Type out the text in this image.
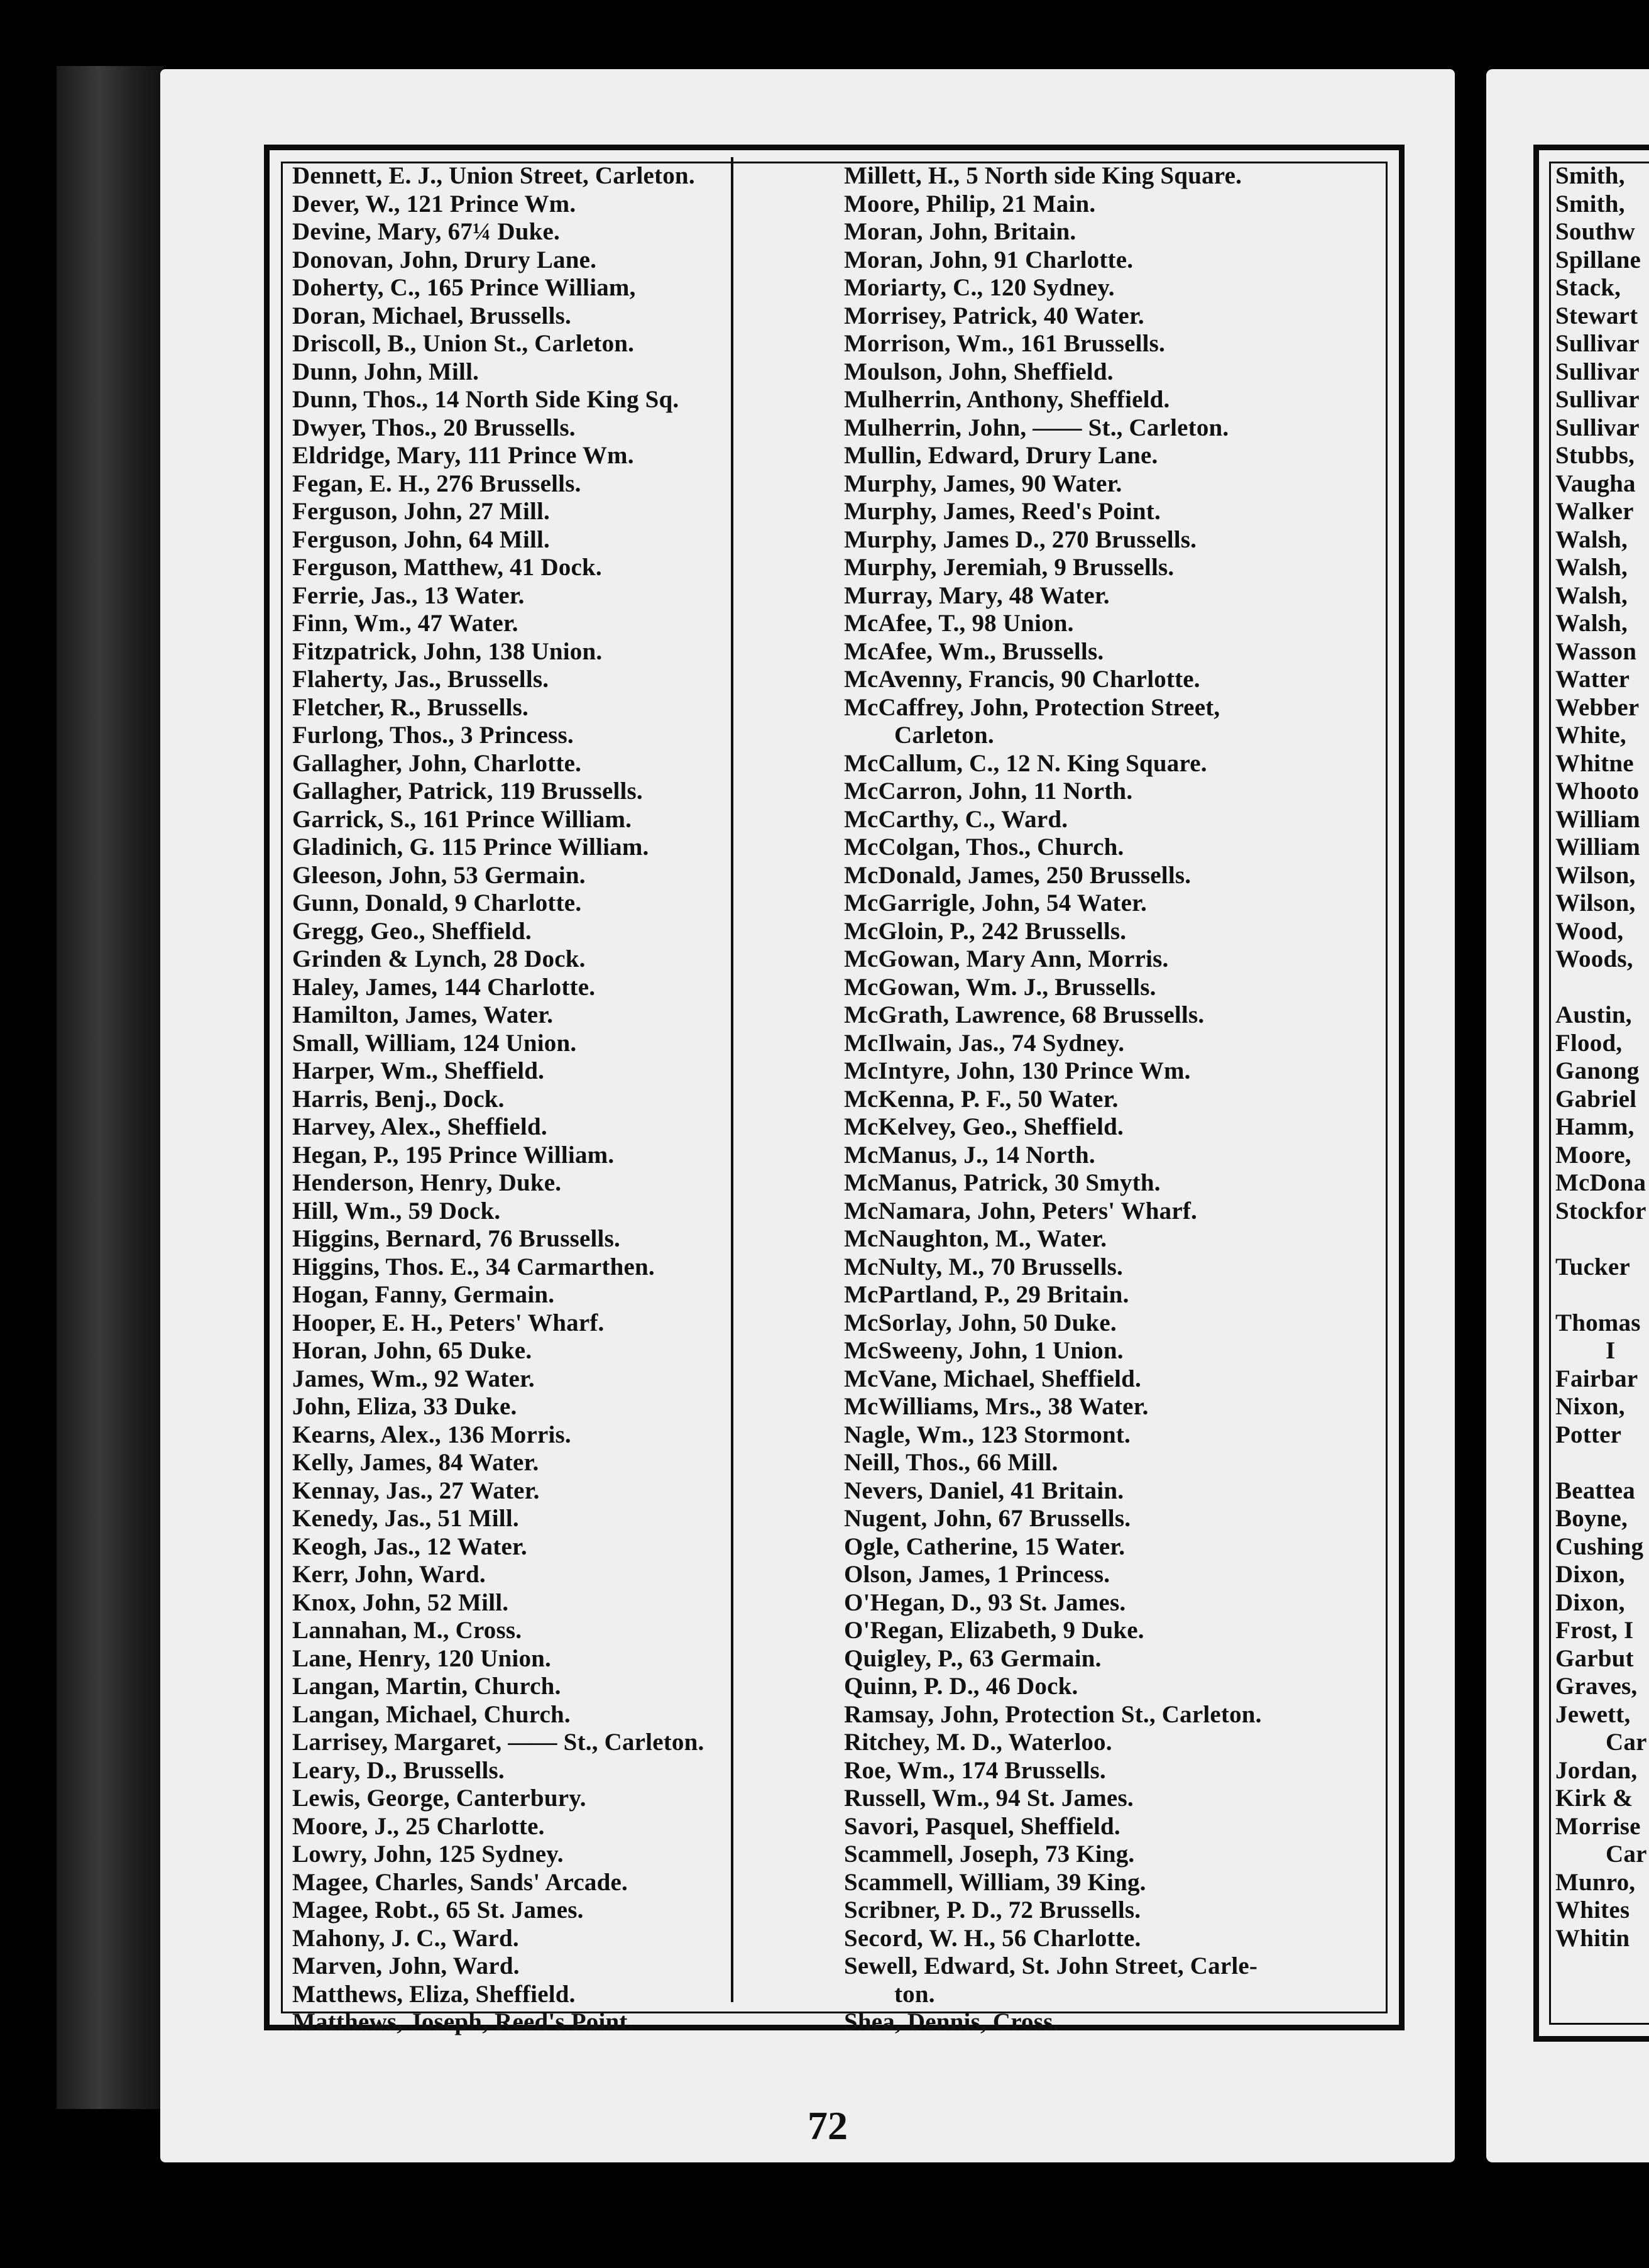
Dennett, E. J., Union Street, Carleton.
Dever, W., 121 Prince Wm.
Devine, Mary, 67¼ Duke.
Donovan, John, Drury Lane.
Doherty, C., 165 Prince William,
Doran, Michael, Brussells.
Driscoll, B., Union St., Carleton.
Dunn, John, Mill.
Dunn, Thos., 14 North Side King Sq.
Dwyer, Thos., 20 Brussells.
Eldridge, Mary, 111 Prince Wm.
Fegan, E. H., 276 Brussells.
Ferguson, John, 27 Mill.
Ferguson, John, 64 Mill.
Ferguson, Matthew, 41 Dock.
Ferrie, Jas., 13 Water.
Finn, Wm., 47 Water.
Fitzpatrick, John, 138 Union.
Flaherty, Jas., Brussells.
Fletcher, R., Brussells.
Furlong, Thos., 3 Princess.
Gallagher, John, Charlotte.
Gallagher, Patrick, 119 Brussells.
Garrick, S., 161 Prince William.
Gladinich, G. 115 Prince William.
Gleeson, John, 53 Germain.
Gunn, Donald, 9 Charlotte.
Gregg, Geo., Sheffield.
Grinden & Lynch, 28 Dock.
Haley, James, 144 Charlotte.
Hamilton, James, Water.
Small, William, 124 Union.
Harper, Wm., Sheffield.
Harris, Benj., Dock.
Harvey, Alex., Sheffield.
Hegan, P., 195 Prince William.
Henderson, Henry, Duke.
Hill, Wm., 59 Dock.
Higgins, Bernard, 76 Brussells.
Higgins, Thos. E., 34 Carmarthen.
Hogan, Fanny, Germain.
Hooper, E. H., Peters' Wharf.
Horan, John, 65 Duke.
James, Wm., 92 Water.
John, Eliza, 33 Duke.
Kearns, Alex., 136 Morris.
Kelly, James, 84 Water.
Kennay, Jas., 27 Water.
Kenedy, Jas., 51 Mill.
Keogh, Jas., 12 Water.
Kerr, John, Ward.
Knox, John, 52 Mill.
Lannahan, M., Cross.
Lane, Henry, 120 Union.
Langan, Martin, Church.
Langan, Michael, Church.
Larrisey, Margaret, —— St., Carleton.
Leary, D., Brussells.
Lewis, George, Canterbury.
Moore, J., 25 Charlotte.
Lowry, John, 125 Sydney.
Magee, Charles, Sands' Arcade.
Magee, Robt., 65 St. James.
Mahony, J. C., Ward.
Marven, John, Ward.
Matthews, Eliza, Sheffield.
Matthews, Joseph, Reed's Point.
Millett, H., 5 North side King Square.
Moore, Philip, 21 Main.
Moran, John, Britain.
Moran, John, 91 Charlotte.
Moriarty, C., 120 Sydney.
Morrisey, Patrick, 40 Water.
Morrison, Wm., 161 Brussells.
Moulson, John, Sheffield.
Mulherrin, Anthony, Sheffield.
Mulherrin, John, —— St., Carleton.
Mullin, Edward, Drury Lane.
Murphy, James, 90 Water.
Murphy, James, Reed's Point.
Murphy, James D., 270 Brussells.
Murphy, Jeremiah, 9 Brussells.
Murray, Mary, 48 Water.
McAfee, T., 98 Union.
McAfee, Wm., Brussells.
McAvenny, Francis, 90 Charlotte.
McCaffrey, John, Protection Street,
Carleton.
McCallum, C., 12 N. King Square.
McCarron, John, 11 North.
McCarthy, C., Ward.
McColgan, Thos., Church.
McDonald, James, 250 Brussells.
McGarrigle, John, 54 Water.
McGloin, P., 242 Brussells.
McGowan, Mary Ann, Morris.
McGowan, Wm. J., Brussells.
McGrath, Lawrence, 68 Brussells.
McIlwain, Jas., 74 Sydney.
McIntyre, John, 130 Prince Wm.
McKenna, P. F., 50 Water.
McKelvey, Geo., Sheffield.
McManus, J., 14 North.
McManus, Patrick, 30 Smyth.
McNamara, John, Peters' Wharf.
McNaughton, M., Water.
McNulty, M., 70 Brussells.
McPartland, P., 29 Britain.
McSorlay, John, 50 Duke.
McSweeny, John, 1 Union.
McVane, Michael, Sheffield.
McWilliams, Mrs., 38 Water.
Nagle, Wm., 123 Stormont.
Neill, Thos., 66 Mill.
Nevers, Daniel, 41 Britain.
Nugent, John, 67 Brussells.
Ogle, Catherine, 15 Water.
Olson, James, 1 Princess.
O'Hegan, D., 93 St. James.
O'Regan, Elizabeth, 9 Duke.
Quigley, P., 63 Germain.
Quinn, P. D., 46 Dock.
Ramsay, John, Protection St., Carleton.
Ritchey, M. D., Waterloo.
Roe, Wm., 174 Brussells.
Russell, Wm., 94 St. James.
Savori, Pasquel, Sheffield.
Scammell, Joseph, 73 King.
Scammell, William, 39 King.
Scribner, P. D., 72 Brussells.
Secord, W. H., 56 Charlotte.
Sewell, Edward, St. John Street, Carle-
ton.
Shea, Dennis, Cross.
72
Smith,
Smith,
Southw
Spillane
Stack,
Stewart
Sullivar
Sullivar
Sullivar
Sullivar
Stubbs,
Vaugha
Walker
Walsh,
Walsh,
Walsh,
Walsh,
Wasson
Watter
Webber
White,
Whitne
Whooto
William
William
Wilson,
Wilson,
Wood,
Woods,
Austin,
Flood,
Ganong
Gabriel
Hamm,
Moore,
McDona
Stockfor
Tucker
Thomas
I
Fairbar
Nixon,
Potter
Beattea
Boyne,
Cushing
Dixon,
Dixon,
Frost, I
Garbut
Graves,
Jewett,
Car
Jordan,
Kirk &
Morrise
Car
Munro,
Whites
Whitin
